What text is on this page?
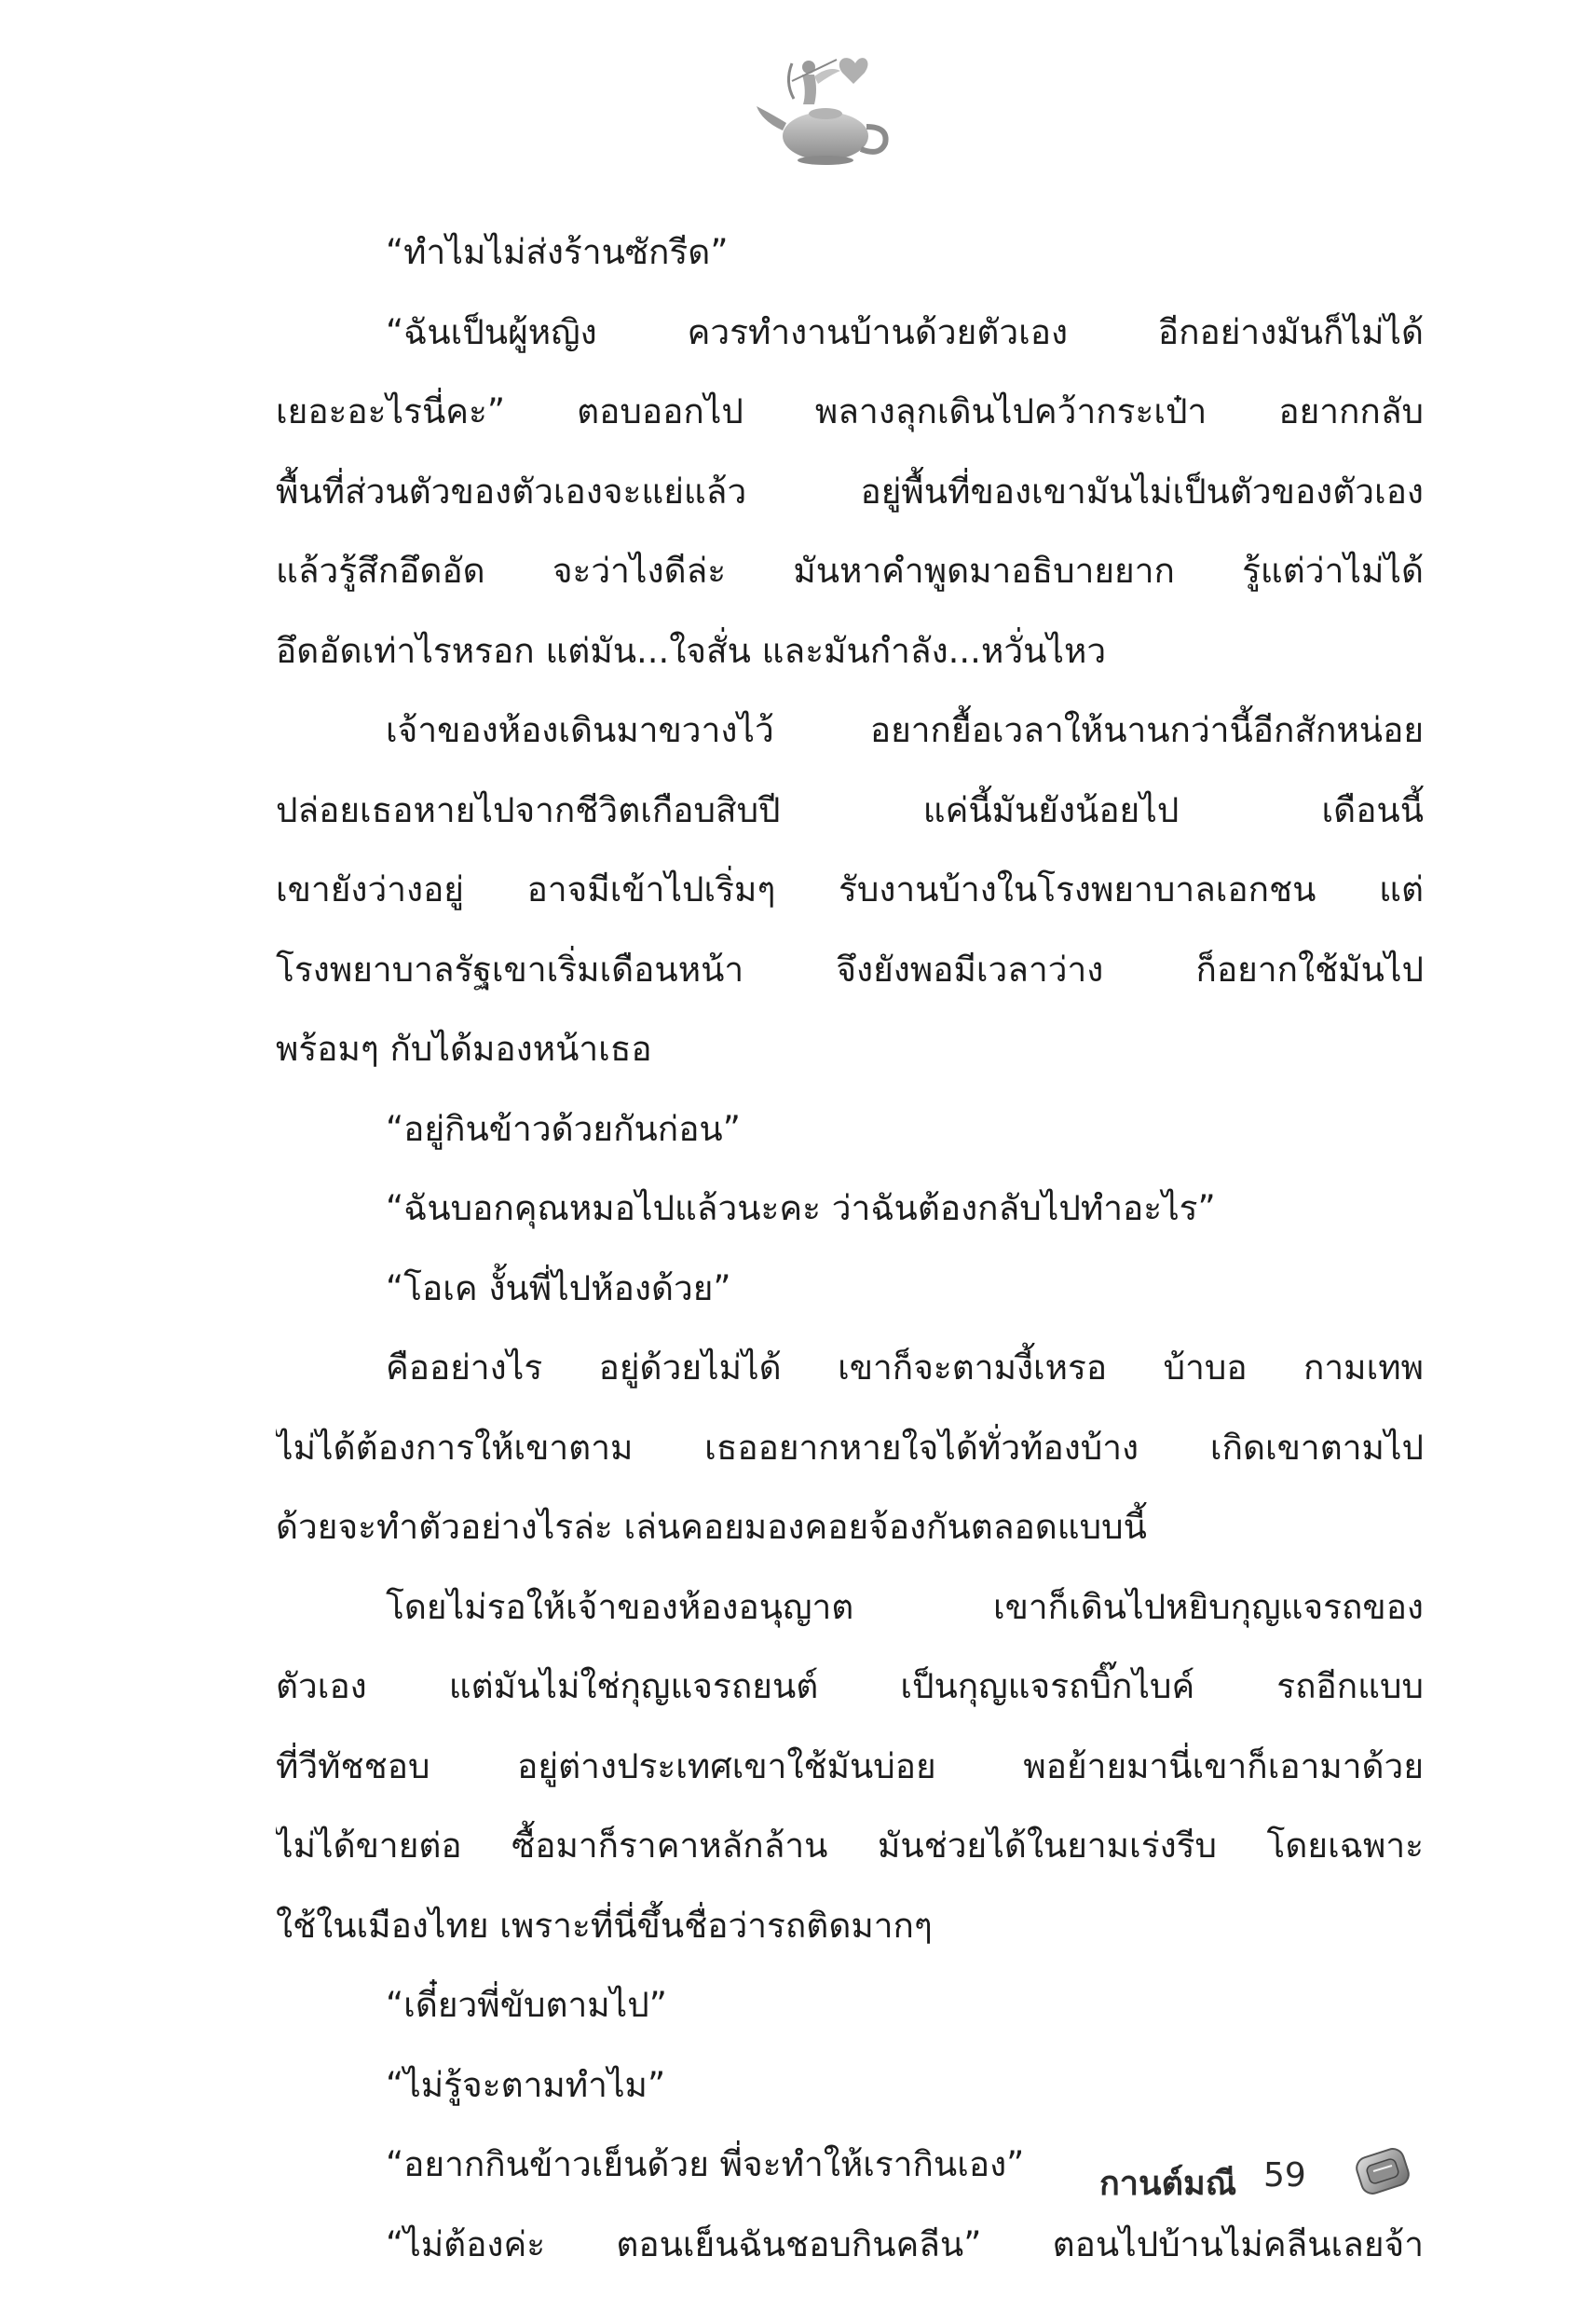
“ทำไมไม่ส่งร้านซักรีด”
“ฉันเป็นผู้หญิง ควรทำงานบ้านด้วยตัวเอง อีกอย่างมันก็ไม่ได้
เยอะอะไรนี่คะ” ตอบออกไป พลางลุกเดินไปคว้ากระเป๋า อยากกลับ
พื้นที่ส่วนตัวของตัวเองจะแย่แล้ว อยู่พื้นที่ของเขามันไม่เป็นตัวของตัวเอง
แล้วรู้สึกอึดอัด จะว่าไงดีล่ะ มันหาคำพูดมาอธิบายยาก รู้แต่ว่าไม่ได้
อึดอัดเท่าไรหรอก แต่มัน...ใจสั่น และมันกำลัง...หวั่นไหว
เจ้าของห้องเดินมาขวางไว้ อยากยื้อเวลาให้นานกว่านี้อีกสักหน่อย
ปล่อยเธอหายไปจากชีวิตเกือบสิบปี แค่นี้มันยังน้อยไป เดือนนี้
เขายังว่างอยู่ อาจมีเข้าไปเริ่มๆ รับงานบ้างในโรงพยาบาลเอกชน แต่
โรงพยาบาลรัฐเขาเริ่มเดือนหน้า จึงยังพอมีเวลาว่าง ก็อยากใช้มันไป
พร้อมๆ กับได้มองหน้าเธอ
“อยู่กินข้าวด้วยกันก่อน”
“ฉันบอกคุณหมอไปแล้วนะคะ ว่าฉันต้องกลับไปทำอะไร”
“โอเค งั้นพี่ไปห้องด้วย”
คืออย่างไร อยู่ด้วยไม่ได้ เขาก็จะตามงี้เหรอ บ้าบอ กามเทพ
ไม่ได้ต้องการให้เขาตาม เธออยากหายใจได้ทั่วท้องบ้าง เกิดเขาตามไป
ด้วยจะทำตัวอย่างไรล่ะ เล่นคอยมองคอยจ้องกันตลอดแบบนี้
โดยไม่รอให้เจ้าของห้องอนุญาต เขาก็เดินไปหยิบกุญแจรถของ
ตัวเอง แต่มันไม่ใช่กุญแจรถยนต์ เป็นกุญแจรถบิ๊กไบค์ รถอีกแบบ
ที่วีทัชชอบ อยู่ต่างประเทศเขาใช้มันบ่อย พอย้ายมานี่เขาก็เอามาด้วย
ไม่ได้ขายต่อ ซื้อมาก็ราคาหลักล้าน มันช่วยได้ในยามเร่งรีบ โดยเฉพาะ
ใช้ในเมืองไทย เพราะที่นี่ขึ้นชื่อว่ารถติดมากๆ
“เดี๋ยวพี่ขับตามไป”
“ไม่รู้จะตามทำไม”
“อยากกินข้าวเย็นด้วย พี่จะทำให้เรากินเอง”
“ไม่ต้องค่ะ ตอนเย็นฉันชอบกินคลีน” ตอนไปบ้านไม่คลีนเลยจ้า
กานต์มณี 59
